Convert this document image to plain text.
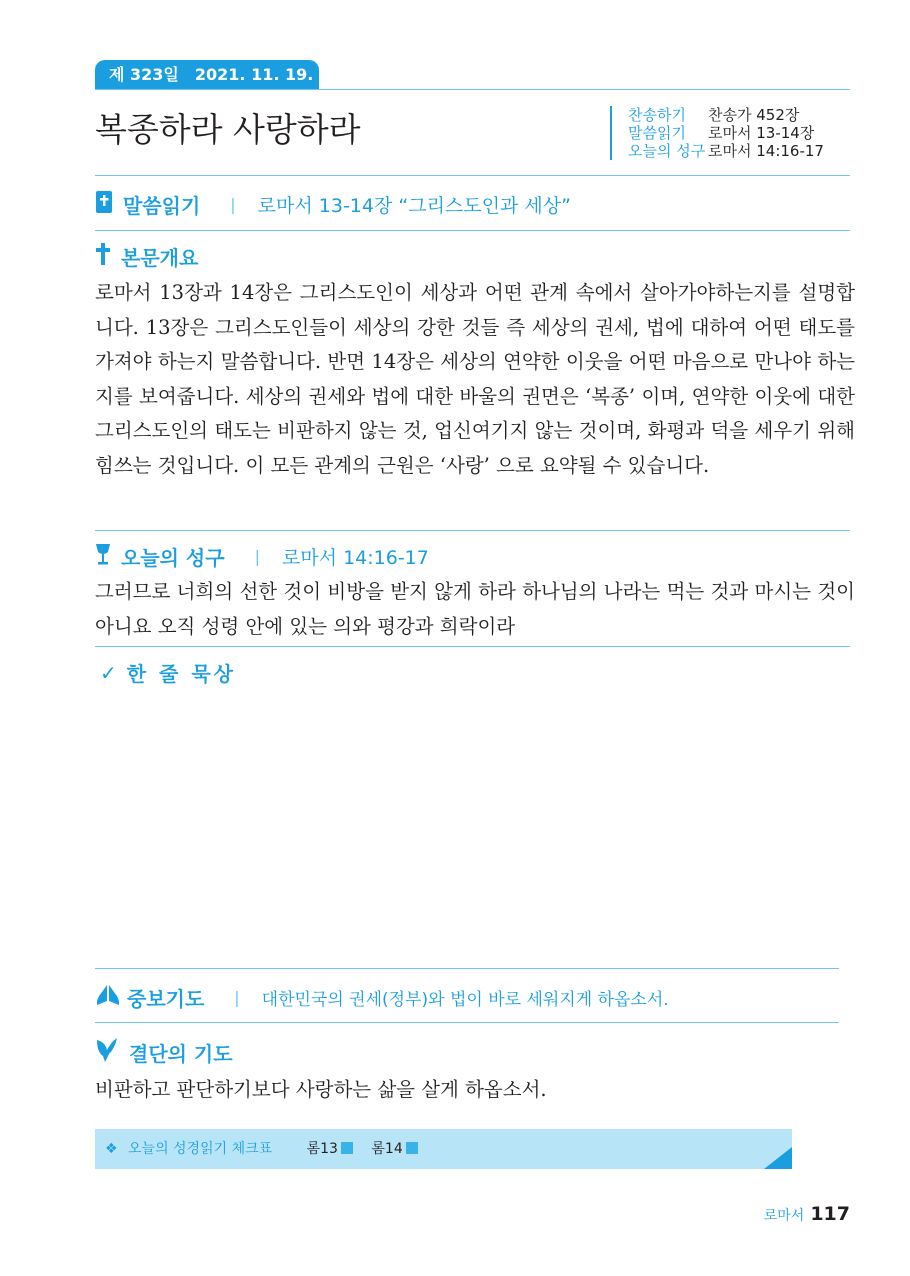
제 323일 2021. 11. 19. 금
복종하라 사랑하라	찬송하기 찬송가 452장
말씀읽기 로마서 13-14장
오늘의 성구 로마서 14:16-17
말씀읽기 | 로마서 13-14장 “그리스도인과 세상”
본문개요
로마서 13장과 14장은 그리스도인이 세상과 어떤 관계 속에서 살아가야하는지를 설명합니다. 13장은 그리스도인들이 세상의 강한 것들 즉 세상의 권세, 법에 대하여 어떤 태도를 가져야 하는지 말씀합니다. 반면 14장은 세상의 연약한 이웃을 어떤 마음으로 만나야 하는지를 보여줍니다. 세상의 권세와 법에 대한 바울의 권면은 ‘복종’ 이며, 연약한 이웃에 대한 그리스도인의 태도는 비판하지 않는 것, 업신여기지 않는 것이며, 화평과 덕을 세우기 위해 힘쓰는 것입니다. 이 모든 관계의 근원은 ‘사랑’ 으로 요약될 수 있습니다.
오늘의 성구 | 로마서 14:16-17
그러므로 너희의 선한 것이 비방을 받지 않게 하라 하나님의 나라는 먹는 것과 마시는 것이 아니요 오직 성령 안에 있는 의와 평강과 희락이라
✓ 한 줄 묵상
중보기도 | 대한민국의 권세(정부)와 법이 바로 세워지게 하옵소서.
결단의 기도
비판하고 판단하기보다 사랑하는 삶을 살게 하옵소서.
❖ 오늘의 성경읽기 체크표 롬13 롬14
로마서 117
